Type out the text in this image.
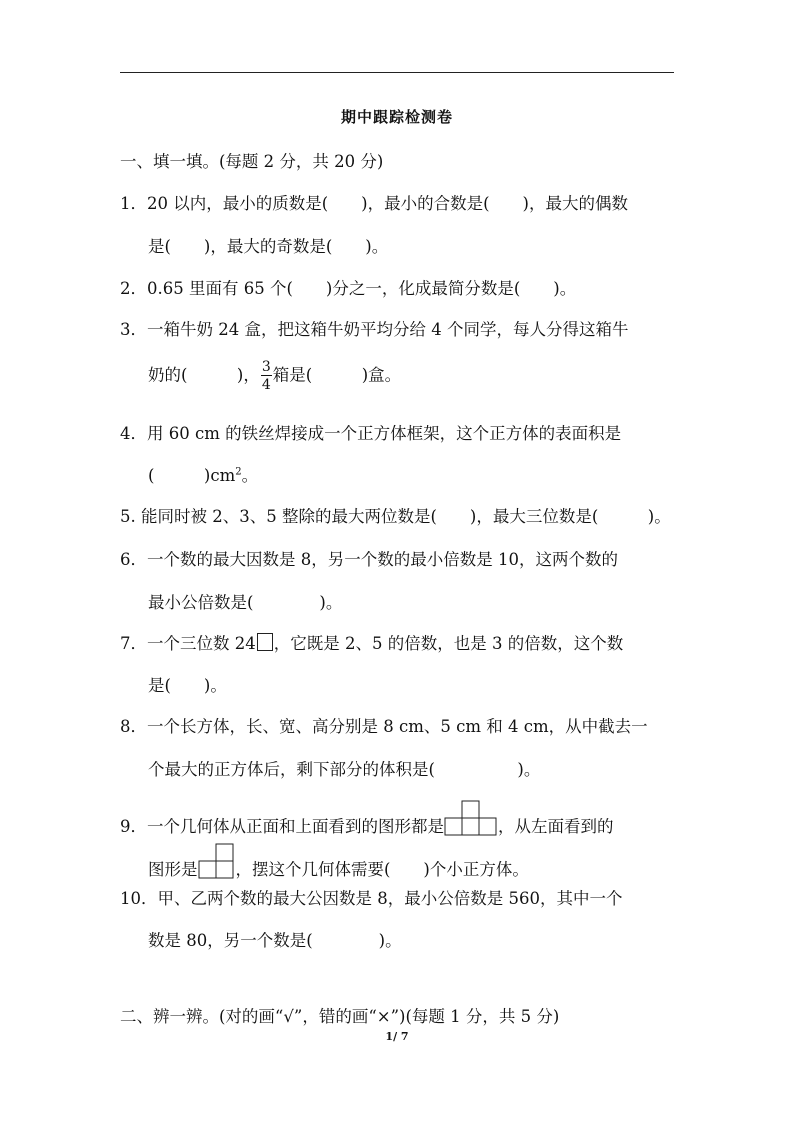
期中跟踪检测卷
一、填一填。(每题 2 分，共 20 分)
1．20 以内，最小的质数是(　　)，最小的合数是(　　)，最大的偶数
是(　　)，最大的奇数是(　　)。
2．0.65 里面有 65 个(　　)分之一，化成最简分数是(　　)。
3．一箱牛奶 24 盒，把这箱牛奶平均分给 4 个同学，每人分得这箱牛
奶的(　　　)， $\frac{3}{4}$ 箱是(　　　)盒。
4．用 60 cm 的铁丝焊接成一个正方体框架，这个正方体的表面积是
(　　　)$cm^2$。
5. 能同时被 2、3、5 整除的最大两位数是(　　)，最大三位数是(　　　)。
6．一个数的最大因数是 8，另一个数的最小倍数是 10，这两个数的
最小公倍数是(　　　　)。
7．一个三位数 24 ，它既是 2、5 的倍数，也是 3 的倍数，这个数
是(　　)。
8．一个长方体，长、宽、高分别是 8 cm、5 cm 和 4 cm，从中截去一
个最大的正方体后，剩下部分的体积是(　　　　　)。
9．一个几何体从正面和上面看到的图形都是	，从左面看到的
图形是 ，摆这个几何体需要(　　)个小正方体。
10．甲、乙两个数的最大公因数是 8，最小公倍数是 560，其中一个
数是 80，另一个数是(　　　　)。
二、辨一辨。(对的画“√”，错的画“×”)(每题 1 分，共 5 分)
1/ 7
